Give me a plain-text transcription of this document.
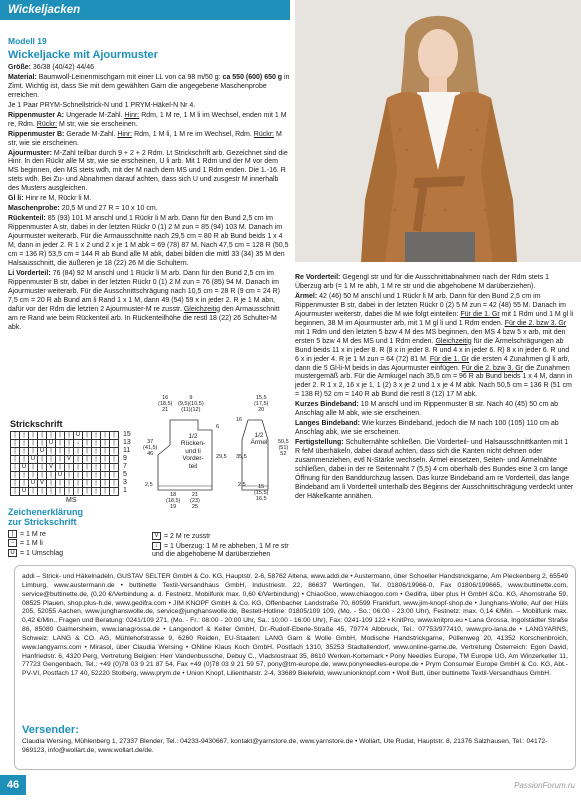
Wickeljacken
Modell 19
Wickeljacke mit Ajourmuster

Größe: 36/38 (40/42) 44/46

Material: Baumwoll-Leinenmischgarn mit einer LL von ca 98 m/50 g: ca 550 (600) 650 g in Zimt. Wichtig ist, dass Sie mit dem gewählten Garn die angegebene Maschenprobe erreichen.

Je 1 Paar PRYM-Schnellstrick-N und 1 PRYM-Häkel-N Nr 4.

Rippenmuster A: Ungerade M-Zahl. Hinr: Rdm, 1 M re, 1 M li im Wechsel, enden mit 1 M re, Rdm. Rückr: M str, wie sie erscheinen.

Rippenmuster B: Gerade M-Zahl. Hinr: Rdm, 1 M li, 1 M re im Wechsel, Rdm. Rückr: M str, wie sie erscheinen.

Ajourmuster: M-Zahl teilbar durch 9 + 2 + 2 Rdm. Lt Strickschrift arb. Gezeichnet sind die Hinr. In den Rückr alle M str, wie sie erscheinen, U li arb. Mit 1 Rdm und der M vor dem MS beginnen, den MS stets wdh, mit der M nach dem MS und 1 Rdm enden. Die 1.-16. R stets wdh. Bei Zu- und Abnahmen darauf achten, dass sich U und zusgestr M innerhalb des Musters ausgleichen.

Gl li: Hinr re M, Rückr li M.

Maschenprobe: 20,5 M und 27 R = 10 x 10 cm.

Rückenteil: 85 (93) 101 M anschl und 1 Rückr li M arb. Dann für den Bund 2,5 cm im Rippenmuster A str, dabei in der letzten Rückr 0 (1) 2 M zun = 85 (94) 103 M. Danach im Ajourmuster weiterarb. Für die Armausschnitte nach 29,5 cm = 80 R ab Bund beids 1 x 4 M, dann in jeder 2. R 1 x 2 und 2 x je 1 M abk = 69 (78) 87 M. Nach 47,5 cm = 128 R (50,5 cm = 136 R) 53,5 cm = 144 R ab Bund alle M abk, dabei bilden die mittl 33 (34) 35 M den Halsausschnitt, die äußeren je 18 (22) 26 M die Schultern.

Li Vorderteil: 76 (84) 92 M anschl und 1 Rückr li M arb. Dann für den Bund 2,5 cm im Rippenmuster B str, dabei in der letzten Rückr 0 (1) 2 M zun = 76 (85) 94 M. Danach im Ajourmuster weiterarb. Für die Ausschnittschrägung nach 10,5 cm = 28 R (9 cm = 24 R) 7,5 cm = 20 R ab Bund am li Rand 1 x 1 M, dann 49 (54) 59 x in jeder 2. R je 1 M abn, dafür vor der Rdm die letzten 2 Ajourmuster-M re zusstr. Gleichzeitig den Armausschnitt am re Rand wie beim Rückenteil arb. In Rückenteilhöhe die restl 18 (22) 26 Schulter-M abk.

Strickschrift
|	|	|	|	|	|	|	U	|	|	|	|
|	|	|	|	U	|	|	↓	|	|	|	|
|	|	|	U	|	|	|	|	|	|	|	|
|	|	U	|	|	|	V	|	|	|	|	|
|	U	|	|	V	|	|	|	|	|	|	|
|	|	|	|	|	U	|	|	|	|	|	|
|	|	U	V	|	|	|	|	|	|	|	|
|	U	|	|	|	|	|	|	|	|	|	|
15
13
11
9
7
5
3
1
MS
Zeichenerklärung
zur Strickschrift
| = 1 M re
− = 1 M li
U = 1 Umschlag
V = 2 M re zusstr
↓ = 1 Überzug: 1 M re abheben, 1 M re str und die abgehobene M darüberziehen
1/2
Rücken-
und li
Vorder-
teil
1/2
Ärmel
16
(18,5)
21
9
(9,5)(10,5)
(11)(12)
37
(41,5)
46
6
29,5
18
(18,5)
19
21
(23)
25
15,5
(17,5)
20
16
50,5
(51)
52
35,5
15
(15,5)
16,5
2,5	2,5

Re Vorderteil: Gegengl str und für die Ausschnittabnahmen nach der Rdm stets 1 Überzug arb (= 1 M re abh, 1 M re str und die abgehobene M darüberziehen).

Ärmel: 42 (46) 50 M anschl und 1 Rückr li M arb. Dann für den Bund 2,5 cm im Rippenmuster B str, dabei in der letzten Rückr 0 (2) 5 M zun = 42 (48) 55 M. Danach im Ajourmuster weiterstr, dabei die M wie folgt einteilen: Für die 1. Gr mit 1 Rdm und 1 M gl li beginnen, 38 M im Ajourmuster arb, mit 1 M gl li und 1 Rdm enden. Für die 2. bzw 3. Gr mit 1 Rdm und den letzten 5 bzw 4 M des MS beginnen, den MS 4 bzw 5 x arb, mit den ersten 5 bzw 4 M des MS und 1 Rdm enden. Gleichzeitig für die Ärmelschrägungen ab Bund beids 11 x in jeder 8. R (8 x in jeder 8. R und 4 x in jeder 6. R) 8 x in jeder 6. R und 6 x in jeder 4. R je 1 M zun = 64 (72) 81 M. Für die 1. Gr die ersten 4 Zunahmen gl li arb, dann die 5 Gl-li-M beids in das Ajourmuster einfügen. Für die 2. bzw 3. Gr die Zunahmen mustergemäß arb. Für die Armkugel nach 35,5 cm = 96 R ab Bund beids 1 x 4 M, dann in jeder 2. R 1 x 2, 16 x je 1, 1 (2) 3 x je 2 und 1 x je 4 M abk. Nach 50,5 cm = 136 R (51 cm = 138 R) 52 cm = 140 R ab Bund die restl 8 (12) 17 M abk.

Kurzes Bindeband: 10 M anschl und im Rippenmuster B str. Nach 40 (45) 50 cm ab Anschlag alle M abk, wie sie erscheinen.

Langes Bindeband: Wie kurzes Bindeband, jedoch die M nach 100 (105) 110 cm ab Anschlag abk, wie sie erscheinen.

Fertigstellung: Schulternähte schließen. Die Vorderteil- und Halsausschnittkanten mit 1 R feM überhäkeln, dabei darauf achten, dass sich die Kanten nicht dehnen oder zusammenziehen, evtl N-Stärke wechseln. Ärmel einsetzen, Seiten- und Ärmelnähte schließen, dabei in der re Seitennaht 7 (5,5) 4 cm oberhalb des Bundes eine 3 cm lange Öffnung für den Banddurchzug lassen. Das kurze Bindeband am re Vorderteil, das lange Bindeband am li Vorderteil unterhalb des Beginns der Ausschnittschrägung verdeckt unter der Häkelkante annähen.

addi – Strick- und Häkelnadeln, GUSTAV SELTER GmbH & Co. KG, Hauptstr. 2-6, 58762 Altena, www.addi.de • Austermann, über Schoeller Handstrickgarne, Am Pleckenberg 2, 65549 Limburg, www.austermann.de • buttinette Textil-Versandhaus GmbH, Industriestr. 22, 86637 Wertingen, Tel. 01806/19966-0, Fax 01806/199665, www.buttinette.com, service@buttinette.de, (0,20 €/Verbindung a. d. Festnetz, Mobilfunk max. 0,60 €/Verbindung) • ChiaoGoo, www.chiaogoo.com • Gedifra, über plus H GmbH &Co. KG, Ahornstraße 59, 08525 Plauen, shop.plus-h.de, www.gedifra.com • JIM KNOPF GmbH & Co. KG, Offenbacher Landstraße 70, 60599 Frankfurt, www.jim-knopf-shop.de • Junghans-Wolle, Auf der Hüls 205, 52055 Aachen, www.junghanswolle.de, service@junghanswolle.de, Bestell-Hotline: 01805/109 109, (Mo. - So.: 06:00 - 23:00 Uhr), Festnetz: max. 0,14 €/Min. – Mobilfunk max. 0,42 €/Min., Fragen und Beratung: 0241/109 271, (Mo. - Fr.: 08:00 - 20:00 Uhr, Sa.: 10:00 - 16:00 Uhr), Fax: 0241-109 122 • KnitPro, www.knitpro.eu • Lana Grossa, Ingolstädter Straße 86, 85080 Gaimersheim, www.lanagrossa.de • Langendorf & Keller GmbH, Dr.-Rudolf-Eberle-Straße 45, 79774 Albbruck, Tel.: 07753/977410, www.pro-lana.de • LANGYARNS, Schweiz: LANG & CO. AG, Mühlehofstrasse 9, 6260 Reiden, EU-Staaten: LANG Garn & Wolle GmbH, Modische Handstrickgarne, Püllenweg 20, 41352 Korschenbroich, www.langyarns.com • Mirasol, über Claudia Wersing • ONline Klaus Koch GmbH, Postfach 1310, 35253 Stadtallendorf, www.online-garne.de, Vertretung Österreich: Egon David, Hanfriedstr. 6, 4320 Perg, Vertretung Belgien: Herr Vandenbussche, Debuy C., Vladslostraat 35, 8610 Werken-Kortemark • Pony Needles Europe, TM Europe UG, Am Winzerkeller 11, 77723 Gengenbach, Tel.: +49 (0)78 03 9 21 87 54, Fax +49 (0)78 03 9 21 59 57, pony@tm-europe.de, www.ponyneedles-europe.de • Prym Consumer Europe GmbH & Co. KG, Abt.-PV-VI, Postfach 17 40, 52220 Stolberg, www.prym.de • Union Knopf, Lilienthalstr. 2-4, 33689 Bielefeld, www.unionknopf.com • Woll Butt, über buttinette Textil-Versandhaus GmbH.
Versender:
Claudia Wersing, Mühlenberg 1, 27337 Blender, Tel.: 04233-9430667, kontakt@yarnstore.de, www.yarnstore.de • Wollart, Ute Rudat, Hauptstr. 8, 21376 Salzhausen, Tel.: 04172-969123, info@wollart.de, www.wollart.de/de.
46	PassionForum.ru
